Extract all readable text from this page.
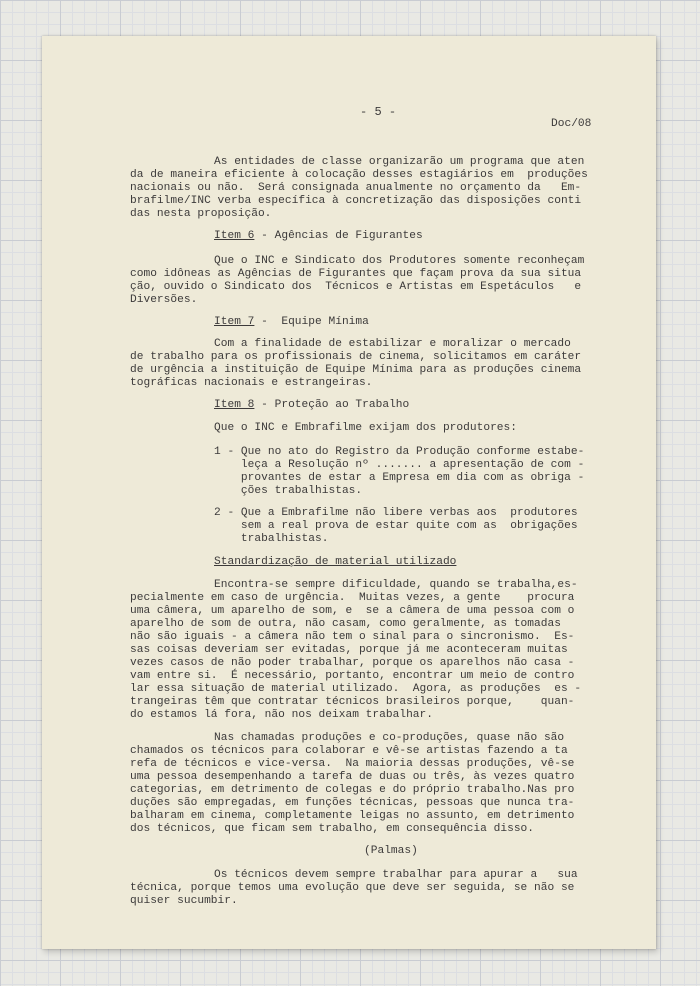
- 5 -
Doc/08
As entidades de classe organizarão um programa que aten
da de maneira eficiente à colocação desses estagiários em  produções
nacionais ou não.  Será consignada anualmente no orçamento da   Em-
brafilme/INC verba específica à concretização das disposições conti
das nesta proposição.
Item 6 - Agências de Figurantes
Que o INC e Sindicato dos Produtores somente reconheçam
como idôneas as Agências de Figurantes que façam prova da sua situa
ção, ouvido o Sindicato dos  Técnicos e Artistas em Espetáculos   e
Diversões.
Item 7 -  Equipe Mínima
Com a finalidade de estabilizar e moralizar o mercado
de trabalho para os profissionais de cinema, solicitamos em caráter
de urgência a instituição de Equipe Mínima para as produções cinema
tográficas nacionais e estrangeiras.
Item 8 - Proteção ao Trabalho
Que o INC e Embrafilme exijam dos produtores:
1 - Que no ato do Registro da Produção conforme estabe-
leça a Resolução nº ....... a apresentação de com -
provantes de estar a Empresa em dia com as obriga -
ções trabalhistas.
2 - Que a Embrafilme não libere verbas aos  produtores
sem a real prova de estar quite com as  obrigações
trabalhistas.
Standardização de material utilizado
Encontra-se sempre dificuldade, quando se trabalha,es-
pecialmente em caso de urgência.  Muitas vezes, a gente    procura
uma câmera, um aparelho de som, e  se a câmera de uma pessoa com o
aparelho de som de outra, não casam, como geralmente, as tomadas
não são iguais - a câmera não tem o sinal para o sincronismo.  Es-
sas coisas deveriam ser evitadas, porque já me aconteceram muitas
vezes casos de não poder trabalhar, porque os aparelhos não casa -
vam entre si.  É necessário, portanto, encontrar um meio de contro
lar essa situação de material utilizado.  Agora, as produções  es -
trangeiras têm que contratar técnicos brasileiros porque,    quan-
do estamos lá fora, não nos deixam trabalhar.
Nas chamadas produções e co-produções, quase não são
chamados os técnicos para colaborar e vê-se artistas fazendo a ta
refa de técnicos e vice-versa.  Na maioria dessas produções, vê-se
uma pessoa desempenhando a tarefa de duas ou três, às vezes quatro
categorias, em detrimento de colegas e do próprio trabalho.Nas pro
duções são empregadas, em funções técnicas, pessoas que nunca tra-
balharam em cinema, completamente leigas no assunto, em detrimento
dos técnicos, que ficam sem trabalho, em consequência disso.
(Palmas)
Os técnicos devem sempre trabalhar para apurar a   sua
técnica, porque temos uma evolução que deve ser seguida, se não se
quiser sucumbir.
